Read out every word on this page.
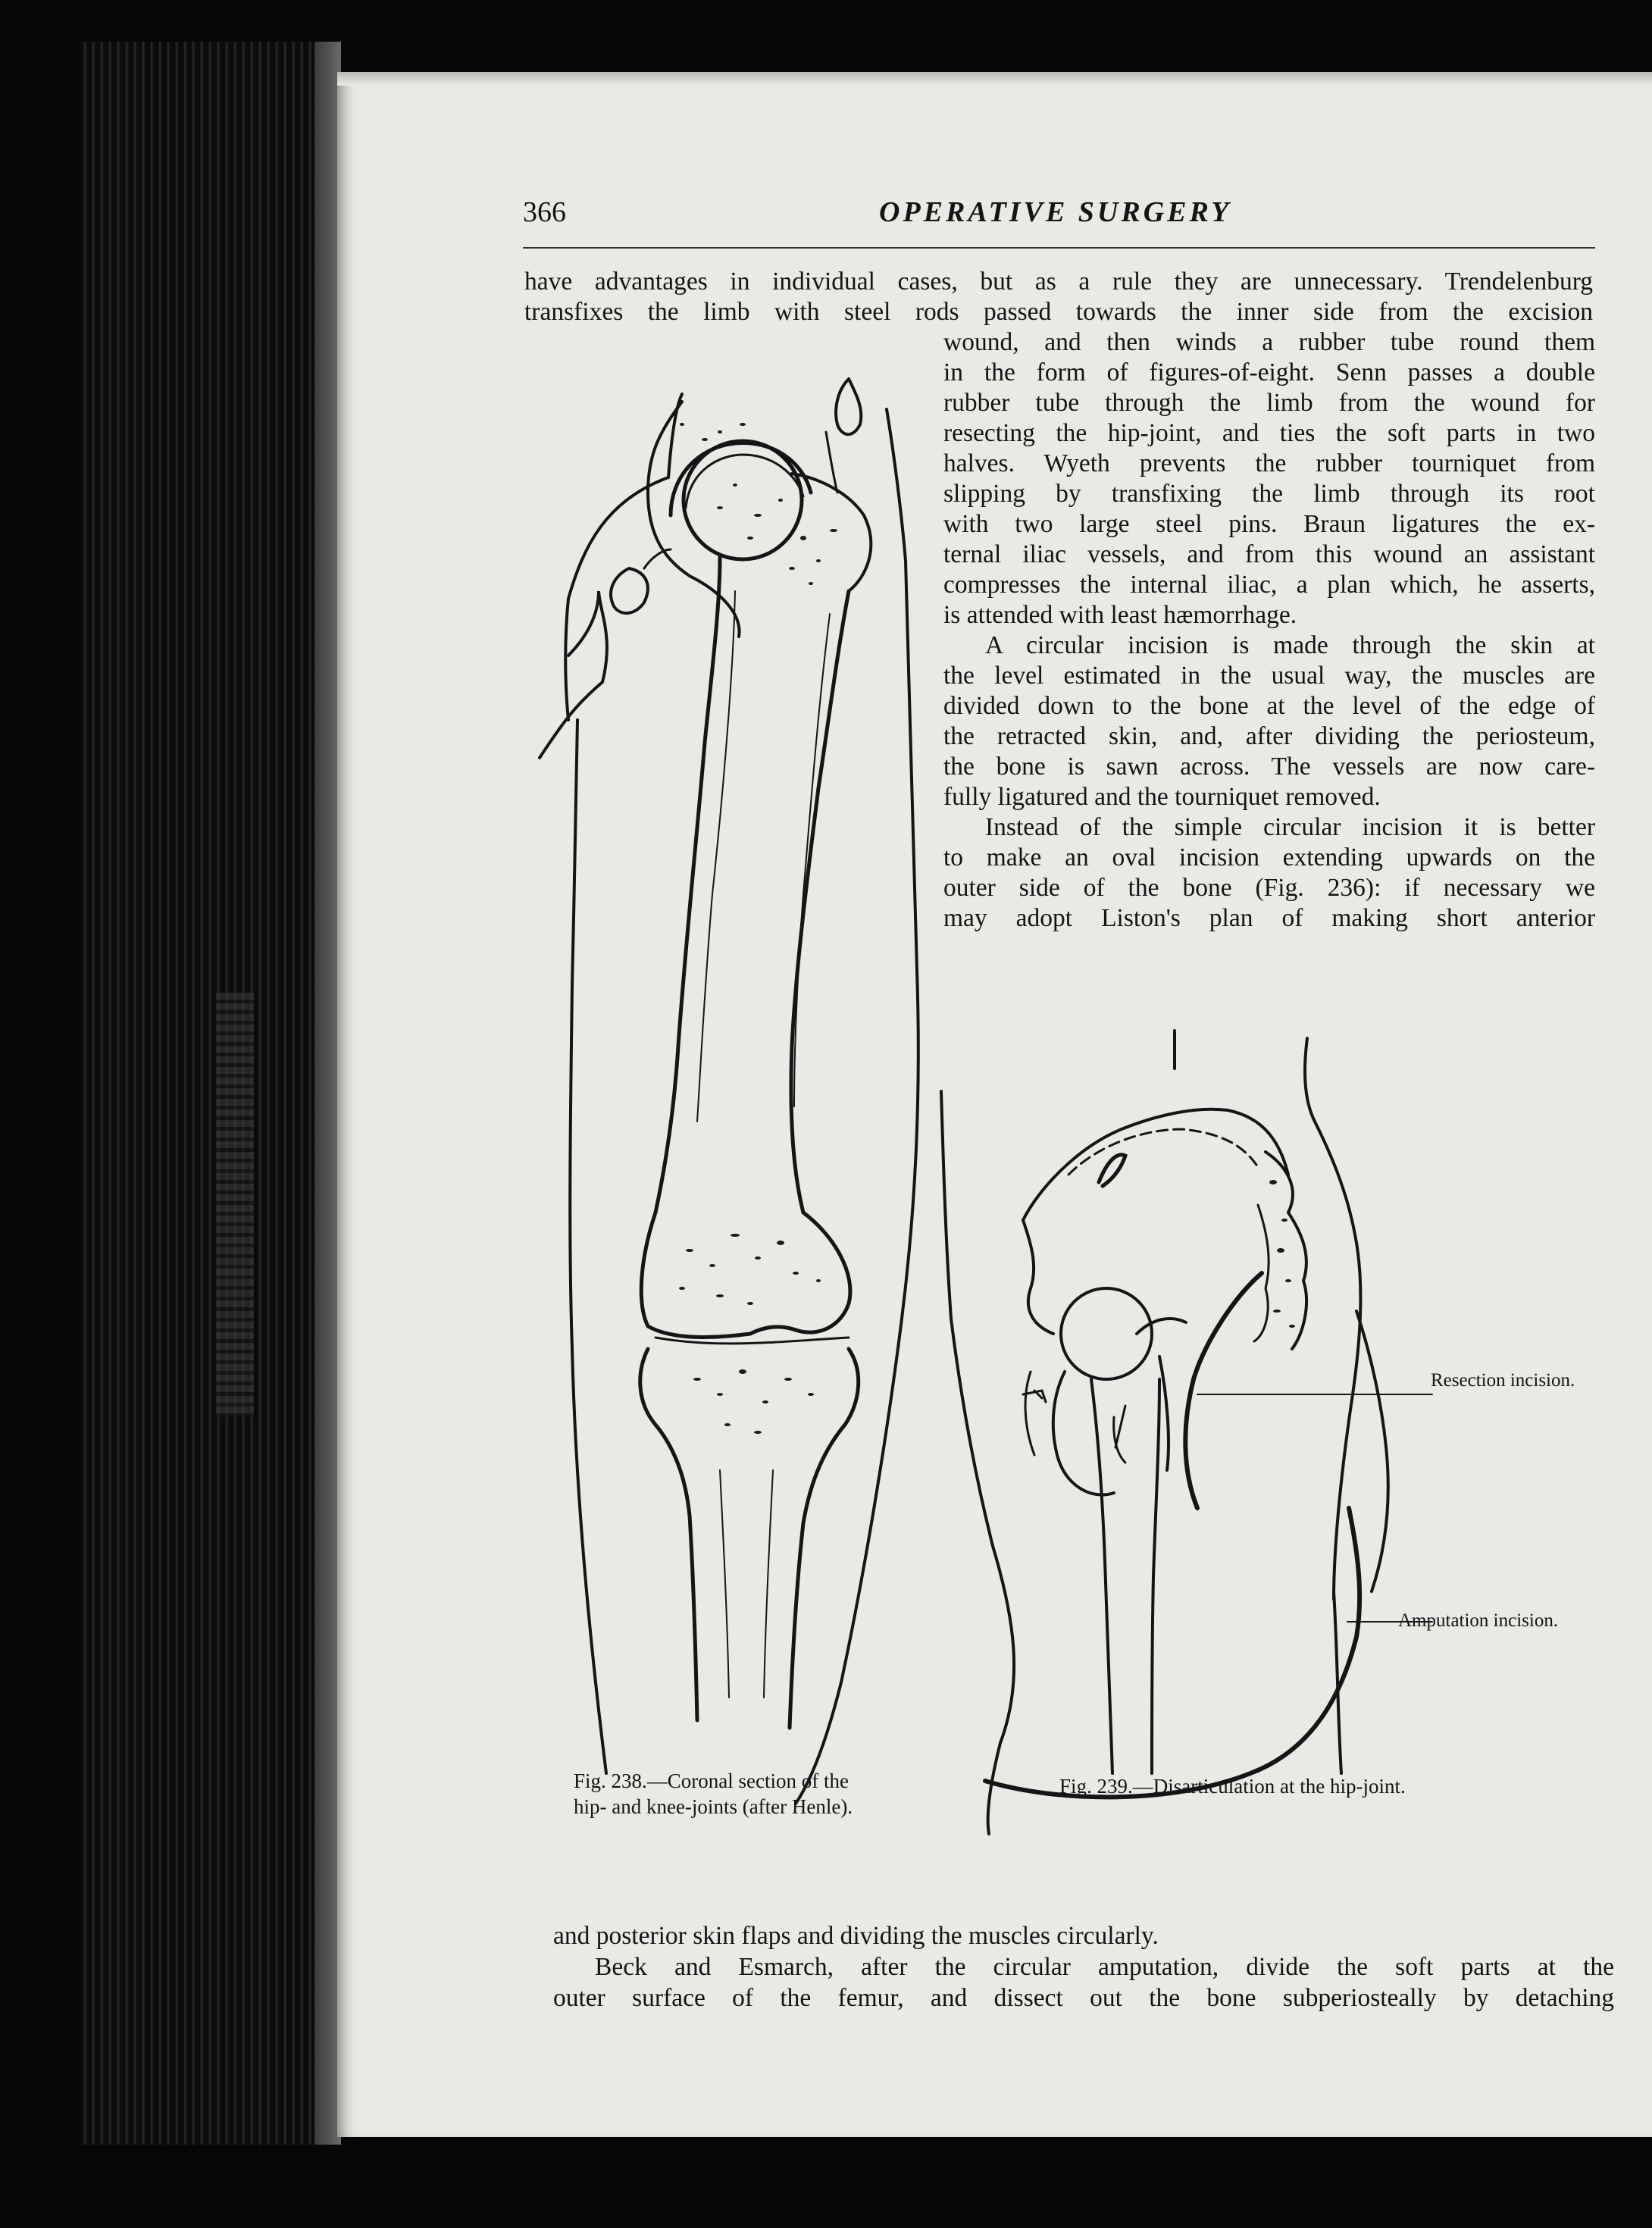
366	OPERATIVE SURGERY
have advantages in individual cases, but as a rule they are unnecessary. Trendelenburg
transfixes the limb with steel rods passed towards the inner side from the excision
wound, and then winds a rubber tube round them
in the form of figures-of-eight. Senn passes a double
rubber tube through the limb from the wound for
resecting the hip-joint, and ties the soft parts in two
halves. Wyeth prevents the rubber tourniquet from
slipping by transfixing the limb through its root
with two large steel pins. Braun ligatures the ex-
ternal iliac vessels, and from this wound an assistant
compresses the internal iliac, a plan which, he asserts,
is attended with least hæmorrhage.
A circular incision is made through the skin at
the level estimated in the usual way, the muscles are
divided down to the bone at the level of the edge of
the retracted skin, and, after dividing the periosteum,
the bone is sawn across. The vessels are now care-
fully ligatured and the tourniquet removed.
Instead of the simple circular incision it is better
to make an oval incision extending upwards on the
outer side of the bone (Fig. 236): if necessary we
may adopt Liston's plan of making short anterior
Fig. 238.—Coronal section of the
hip- and knee-joints (after Henle).
Resection incision.
Amputation incision.
Fig. 239.—Disarticulation at the hip-joint.
and posterior skin flaps and dividing the muscles circularly.
Beck and Esmarch, after the circular amputation, divide the soft parts at the
outer surface of the femur, and dissect out the bone subperiosteally by detaching
